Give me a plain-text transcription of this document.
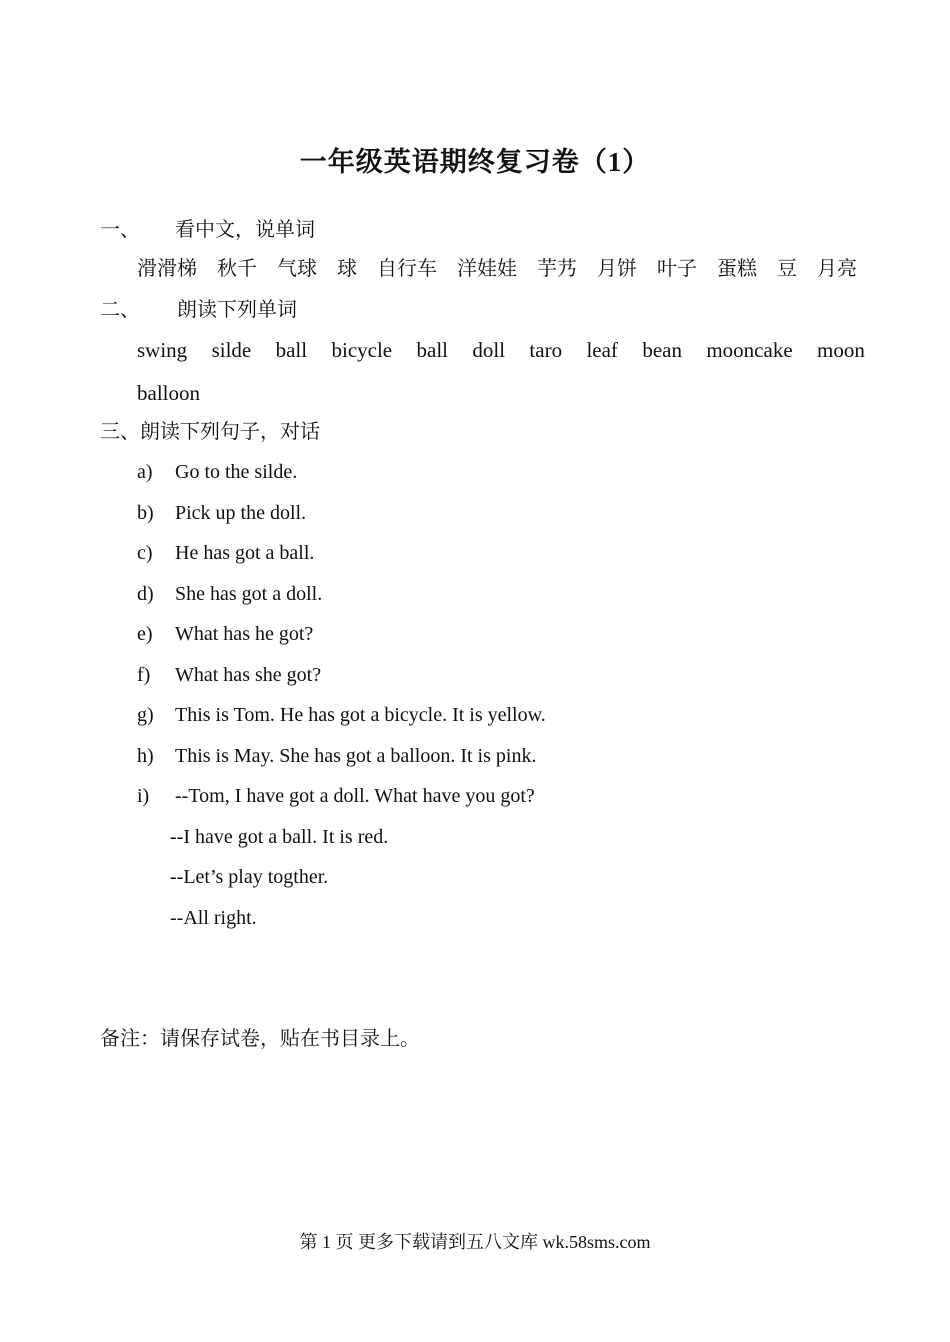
一年级英语期终复习卷（1）
一、 看中文，说单词
滑滑梯 秋千 气球 球 自行车 洋娃娃 芋艿 月饼 叶子 蛋糕 豆 月亮
二、 朗读下列单词
swing silde ball bicycle ball doll taro leaf bean mooncake moon
balloon
三、朗读下列句子，对话
a) Go to the silde.
b) Pick up the doll.
c) He has got a ball.
d) She has got a doll.
e) What has he got?
f) What has she got?
g) This is Tom. He has got a bicycle. It is yellow.
h) This is May. She has got a balloon. It is pink.
i) --Tom, I have got a doll. What have you got?
--I have got a ball. It is red.
--Let’s play togther.
--All right.
备注：请保存试卷，贴在书目录上。
第 1 页 更多下载请到五八文库 wk.58sms.com
